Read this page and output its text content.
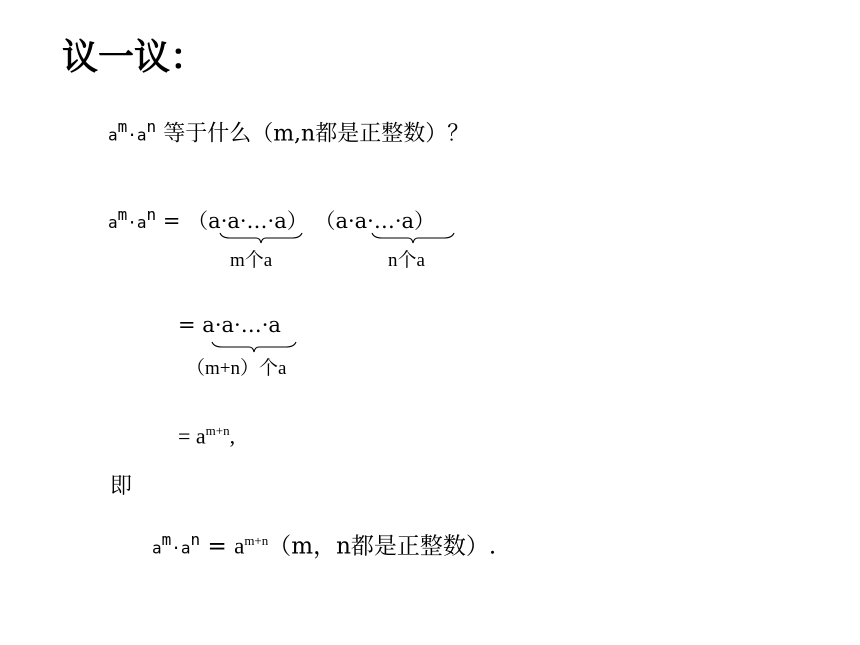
议一议：
$a^m\cdot a^n$ 等于什么（m,n都是正整数）？
$a^m\cdot a^n$ = （a·a·…·a） （a·a·…·a）
m个a	n个a
= a·a·…·a
（m+n）个a
= $a^{m+n}$,
即
$a^m\cdot a^n = a^{m+n}(m$，n都是正整数）.
